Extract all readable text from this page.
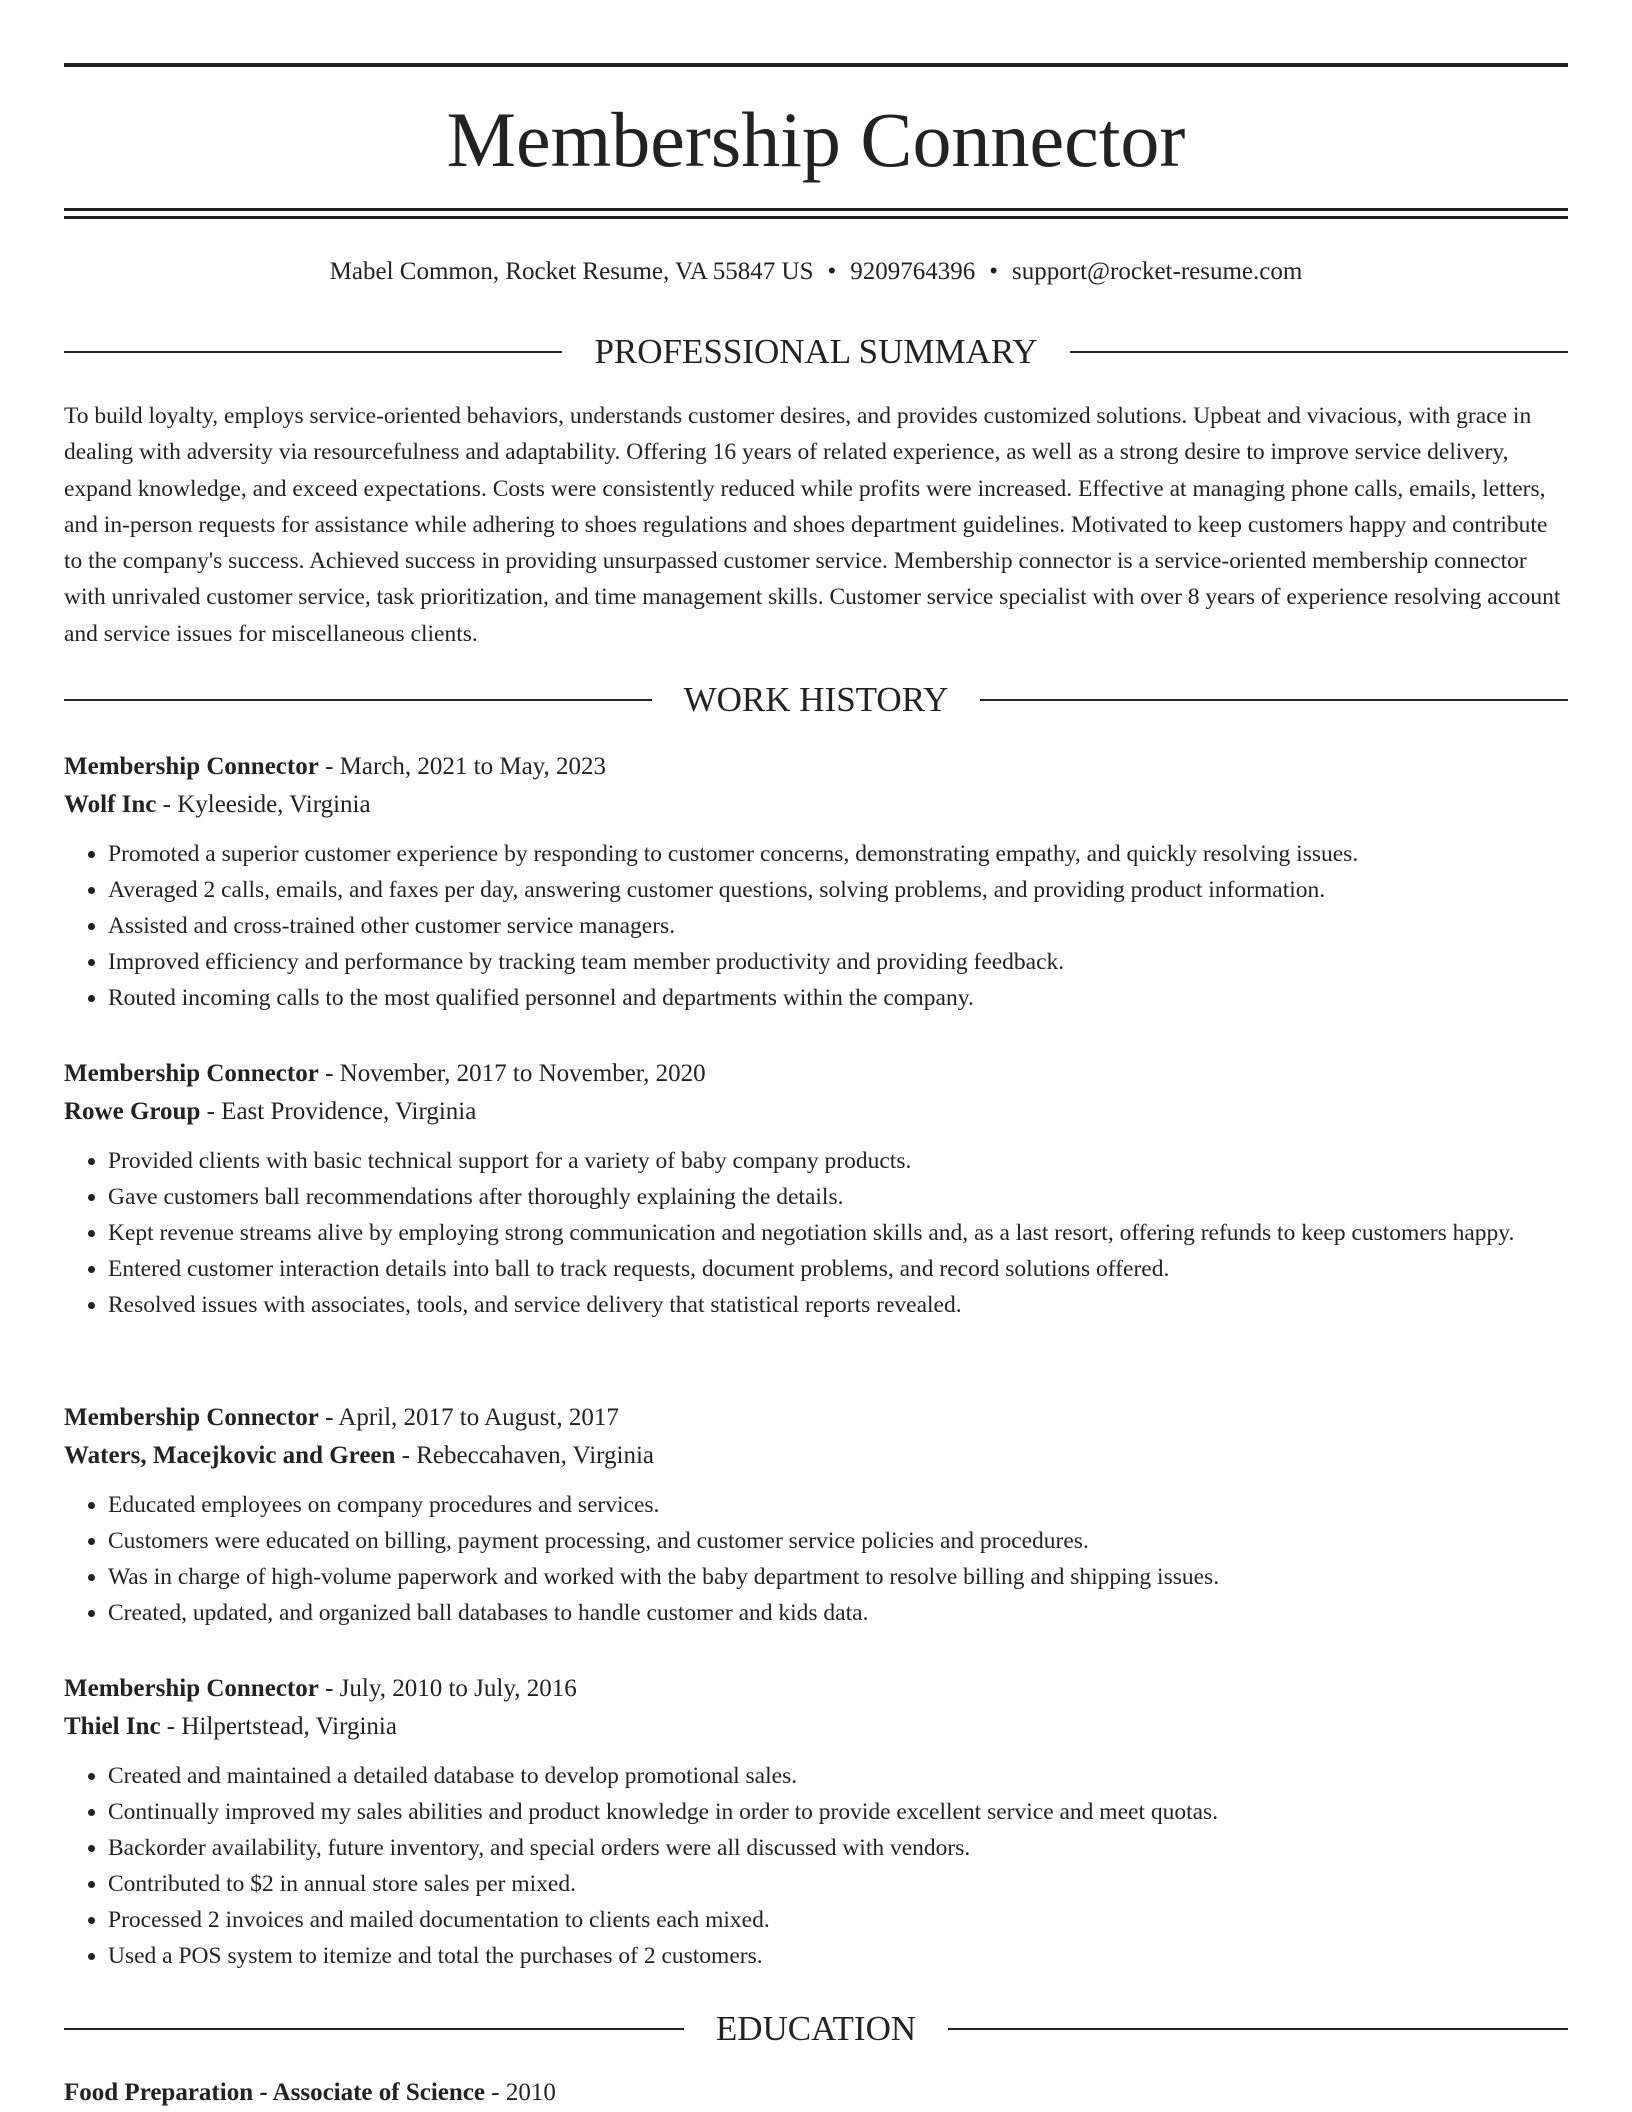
Membership Connector
Mabel Common, Rocket Resume, VA 55847 US • 9209764396 • support@rocket-resume.com
PROFESSIONAL SUMMARY

To build loyalty, employs service-oriented behaviors, understands customer desires, and provides customized solutions. Upbeat and vivacious, with grace in dealing with adversity via resourcefulness and adaptability. Offering 16 years of related experience, as well as a strong desire to improve service delivery, expand knowledge, and exceed expectations. Costs were consistently reduced while profits were increased. Effective at managing phone calls, emails, letters, and in-person requests for assistance while adhering to shoes regulations and shoes department guidelines. Motivated to keep customers happy and contribute to the company's success. Achieved success in providing unsurpassed customer service. Membership connector is a service-oriented membership connector with unrivaled customer service, task prioritization, and time management skills. Customer service specialist with over 8 years of experience resolving account and service issues for miscellaneous clients.

WORK HISTORY
Membership Connector - March, 2021 to May, 2023
Wolf Inc - Kyleeside, Virginia
• Promoted a superior customer experience by responding to customer concerns, demonstrating empathy, and quickly resolving issues.
• Averaged 2 calls, emails, and faxes per day, answering customer questions, solving problems, and providing product information.
• Assisted and cross-trained other customer service managers.
• Improved efficiency and performance by tracking team member productivity and providing feedback.
• Routed incoming calls to the most qualified personnel and departments within the company.
Membership Connector - November, 2017 to November, 2020
Rowe Group - East Providence, Virginia
• Provided clients with basic technical support for a variety of baby company products.
• Gave customers ball recommendations after thoroughly explaining the details.
• Kept revenue streams alive by employing strong communication and negotiation skills and, as a last resort, offering refunds to keep customers happy.
• Entered customer interaction details into ball to track requests, document problems, and record solutions offered.
• Resolved issues with associates, tools, and service delivery that statistical reports revealed.
Membership Connector - April, 2017 to August, 2017
Waters, Macejkovic and Green - Rebeccahaven, Virginia
• Educated employees on company procedures and services.
• Customers were educated on billing, payment processing, and customer service policies and procedures.
• Was in charge of high-volume paperwork and worked with the baby department to resolve billing and shipping issues.
• Created, updated, and organized ball databases to handle customer and kids data.
Membership Connector - July, 2010 to July, 2016
Thiel Inc - Hilpertstead, Virginia
• Created and maintained a detailed database to develop promotional sales.
• Continually improved my sales abilities and product knowledge in order to provide excellent service and meet quotas.
• Backorder availability, future inventory, and special orders were all discussed with vendors.
• Contributed to $2 in annual store sales per mixed.
• Processed 2 invoices and mailed documentation to clients each mixed.
• Used a POS system to itemize and total the purchases of 2 customers.
EDUCATION
Food Preparation - Associate of Science - 2010
